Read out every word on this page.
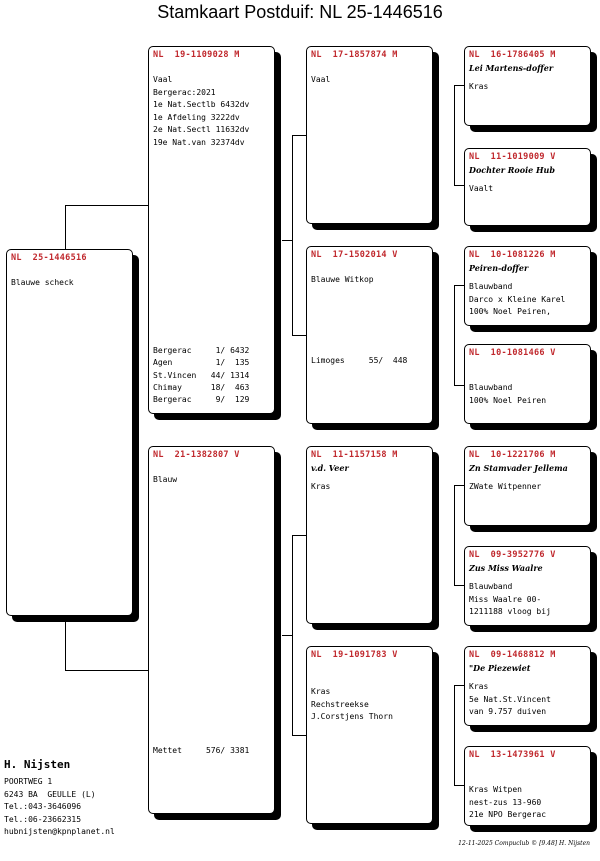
Stamkaart Postduif: NL 25-1446516
NL  25-1446516
Blauwe scheck
NL  19-1109028 M
Vaal
Bergerac:2021
1e Nat.Sectlb 6432dv
1e Afdeling 3222dv
2e Nat.Sectl 11632dv
19e Nat.van 32374dv
Bergerac     1/ 6432
Agen         1/  135
St.Vincen   44/ 1314
Chimay      18/  463
Bergerac     9/  129
NL  21-1382807 V
Blauw
Mettet     576/ 3381
NL  17-1857874 M
Vaal
NL  17-1502014 V
Blauwe Witkop
Limoges     55/  448
NL  11-1157158 M
v.d. Veer
Kras
NL  19-1091783 V
Kras
Rechstreekse
J.Corstjens Thorn
NL  16-1786405 M
Lei Martens-doffer
Kras
NL  11-1019009 V
Dochter Rooie Hub
Vaalt
NL  10-1081226 M
Peiren-doffer
Blauwband
Darco x Kleine Karel
100% Noel Peiren,
NL  10-1081466 V
Blauwband
100% Noel Peiren
NL  10-1221706 M
Zn Stamvader Jellema
ZWate Witpenner
NL  09-3952776 V
Zus Miss Waalre
Blauwband
Miss Waalre 00-
1211188 vloog bij
NL  09-1468812 M
"De Piezewiet
Kras
5e Nat.St.Vincent
van 9.757 duiven
NL  13-1473961 V
Kras Witpen
nest-zus 13-960
21e NPO Bergerac
H. Nijsten
POORTWEG 1
6243 BA  GEULLE (L)
Tel.:043-3646096
Tel.:06-23662315
hubnijsten@kpnplanet.nl
12-11-2025 Compuclub © [9.48] H. Nijsten
